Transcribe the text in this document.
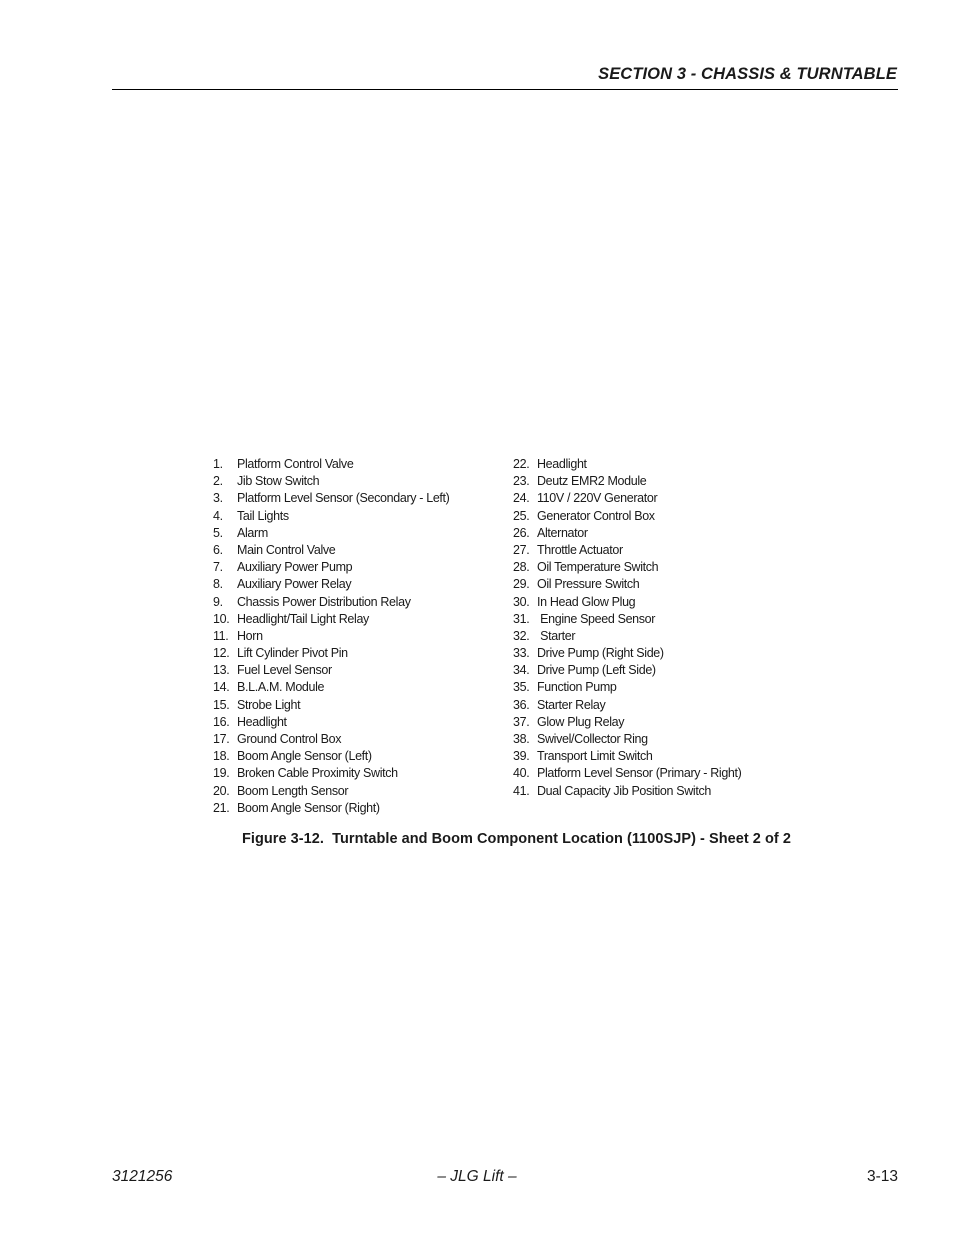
SECTION 3 - CHASSIS & TURNTABLE
1. Platform Control Valve
2. Jib Stow Switch
3. Platform Level Sensor (Secondary - Left)
4. Tail Lights
5. Alarm
6. Main Control Valve
7. Auxiliary Power Pump
8. Auxiliary Power Relay
9. Chassis Power Distribution Relay
10. Headlight/Tail Light Relay
11. Horn
12. Lift Cylinder Pivot Pin
13. Fuel Level Sensor
14. B.L.A.M. Module
15. Strobe Light
16. Headlight
17. Ground Control Box
18. Boom Angle Sensor (Left)
19. Broken Cable Proximity Switch
20. Boom Length Sensor
21. Boom Angle Sensor (Right)
22. Headlight
23. Deutz EMR2 Module
24. 110V / 220V Generator
25. Generator Control Box
26. Alternator
27. Throttle Actuator
28. Oil Temperature Switch
29. Oil Pressure Switch
30. In Head Glow Plug
31. Engine Speed Sensor
32. Starter
33. Drive Pump (Right Side)
34. Drive Pump (Left Side)
35. Function Pump
36. Starter Relay
37. Glow Plug Relay
38. Swivel/Collector Ring
39. Transport Limit Switch
40. Platform Level Sensor (Primary - Right)
41. Dual Capacity Jib Position Switch
Figure 3-12.  Turntable and Boom Component Location (1100SJP) - Sheet 2 of 2
3121256	– JLG Lift –	3-13
